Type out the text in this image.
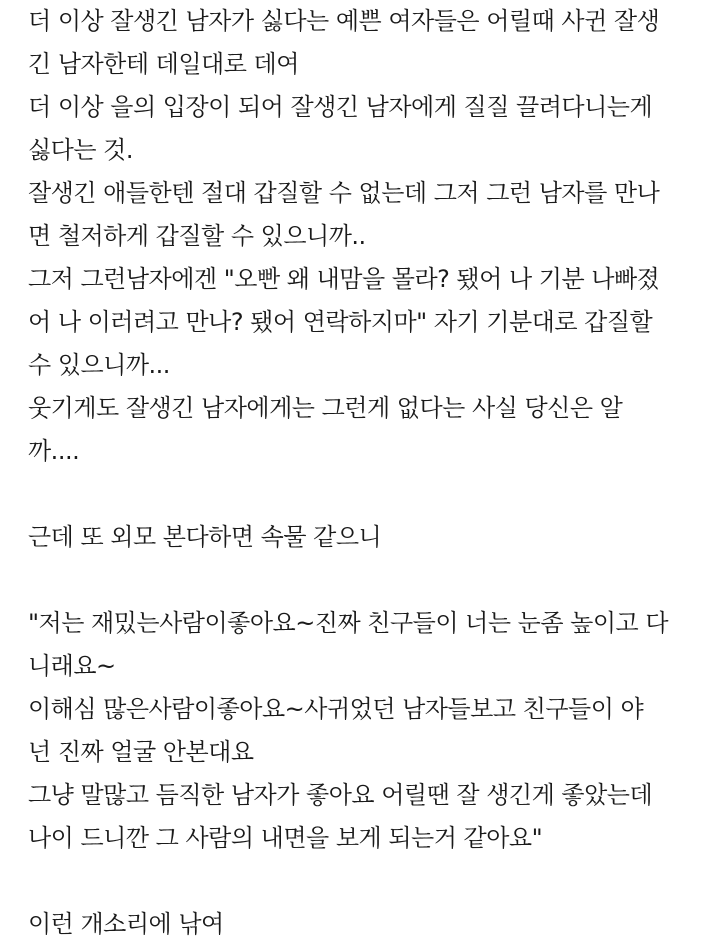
더 이상 잘생긴 남자가 싫다는 예쁜 여자들은 어릴때 사귄 잘생
긴 남자한테 데일대로 데여
더 이상 을의 입장이 되어 잘생긴 남자에게 질질 끌려다니는게
싫다는 것.
잘생긴 애들한텐 절대 갑질할 수 없는데 그저 그런 남자를 만나
면 철저하게 갑질할 수 있으니까..
그저 그런남자에겐 "오빤 왜 내맘을 몰라? 됐어 나 기분 나빠졌
어 나 이러려고 만나? 됐어 연락하지마" 자기 기분대로 갑질할
수 있으니까...
웃기게도 잘생긴 남자에게는 그런게 없다는 사실 당신은 알
까....
근데 또 외모 본다하면 속물 같으니
"저는 재밌는사람이좋아요~진짜 친구들이 너는 눈좀 높이고 다
니래요~
이해심 많은사람이좋아요~사귀었던 남자들보고 친구들이 야
넌 진짜 얼굴 안본대요
그냥 말많고 듬직한 남자가 좋아요 어릴땐 잘 생긴게 좋았는데
나이 드니깐 그 사람의 내면을 보게 되는거 같아요"
이런 개소리에 낚여
